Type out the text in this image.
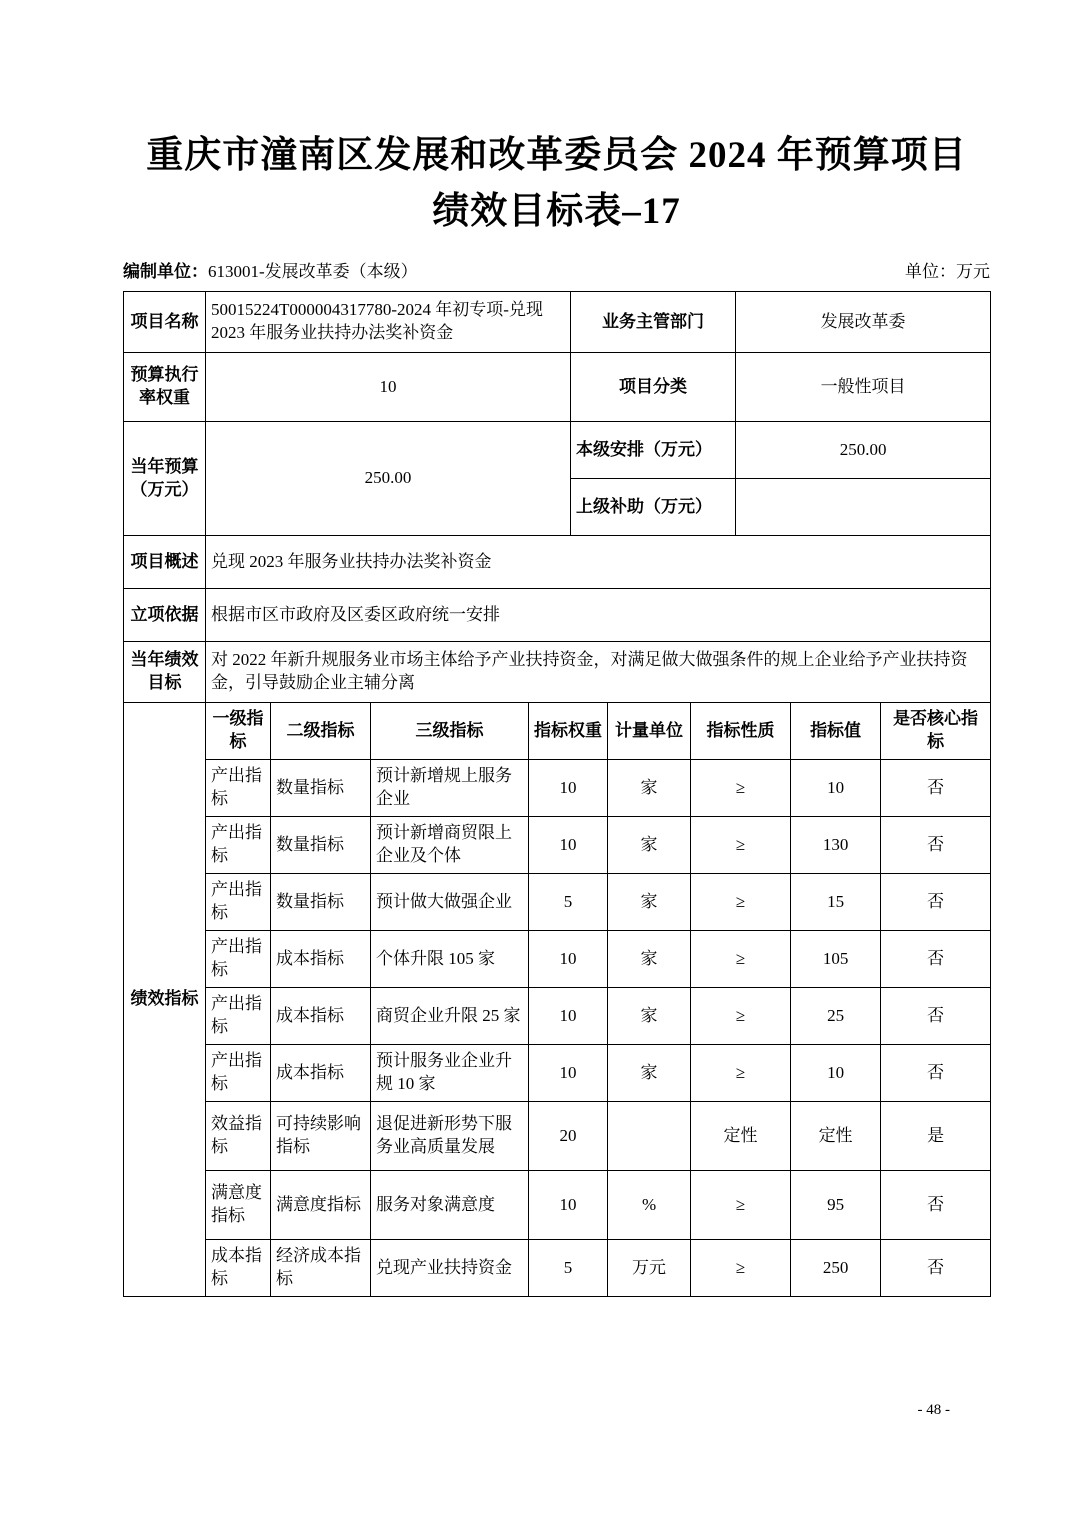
重庆市潼南区发展和改革委员会 2024 年预算项目
绩效目标表–17
编制单位：613001-发展改革委（本级）	单位：万元
项目名称	50015224T000004317780-2024 年初专项-兑现 2023 年服务业扶持办法奖补资金				业务主管部门			发展改革委		
预算执行率权重	10				项目分类			一般性项目		
当年预算（万元）	250.00				本级安排（万元）			250.00		
					上级补助（万元）					
项目概述	兑现 2023 年服务业扶持办法奖补资金									
立项依据	根据市区市政府及区委区政府统一安排									
当年绩效目标	对 2022 年新升规服务业市场主体给予产业扶持资金，对满足做大做强条件的规上企业给予产业扶持资金，引导鼓励企业主辅分离									
绩效指标	一级指标	二级指标	三级指标	指标权重		计量单位	指标性质		指标值	是否核心指标
	产出指标	数量指标	预计新增规上服务企业	10		家	≥		10	否
	产出指标	数量指标	预计新增商贸限上企业及个体	10		家	≥		130	否
	产出指标	数量指标	预计做大做强企业	5		家	≥		15	否
	产出指标	成本指标	个体升限 105 家	10		家	≥		105	否
	产出指标	成本指标	商贸企业升限 25 家	10		家	≥		25	否
	产出指标	成本指标	预计服务业企业升规 10 家	10		家	≥		10	否
	效益指标	可持续影响指标	退促进新形势下服务业高质量发展	20			定性		定性	是
	满意度指标	满意度指标	服务对象满意度	10		%	≥		95	否
	成本指标	经济成本指标	兑现产业扶持资金	5		万元	≥		250	否
- 48 -
